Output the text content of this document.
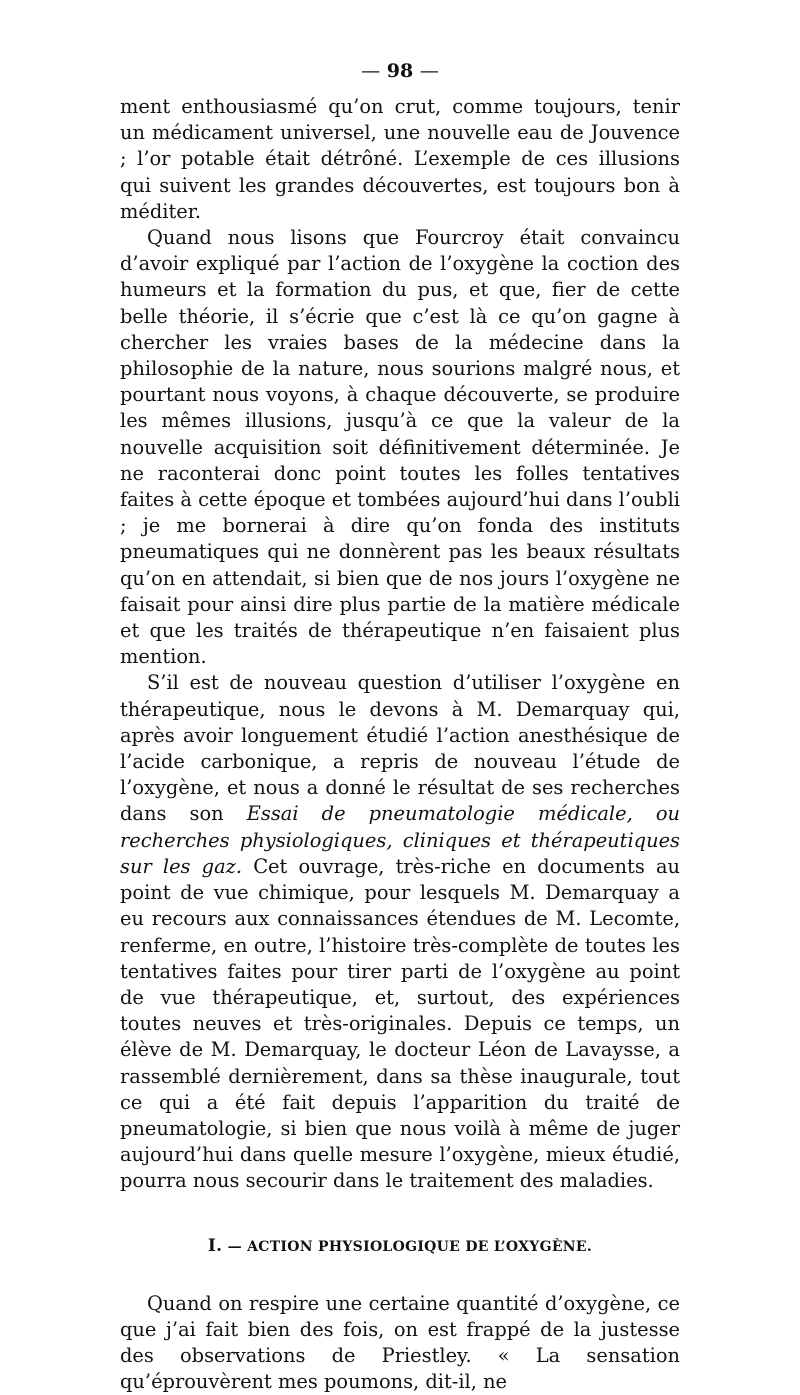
— 98 —

ment enthousiasmé qu’on crut, comme toujours, tenir un médicament universel, une nouvelle eau de Jouvence ; l’or potable était détrôné. L’exemple de ces illusions qui suivent les grandes découvertes, est toujours bon à méditer.

Quand nous lisons que Fourcroy était convaincu d’avoir expliqué par l’action de l’oxygène la coction des humeurs et la formation du pus, et que, fier de cette belle théorie, il s’écrie que c’est là ce qu’on gagne à chercher les vraies bases de la médecine dans la philosophie de la nature, nous sourions malgré nous, et pourtant nous voyons, à chaque découverte, se produire les mêmes illusions, jusqu’à ce que la valeur de la nouvelle acquisition soit définitivement déterminée. Je ne raconterai donc point toutes les folles tentatives faites à cette époque et tombées aujourd’hui dans l’oubli ; je me bornerai à dire qu’on fonda des instituts pneumatiques qui ne donnèrent pas les beaux résultats qu’on en attendait, si bien que de nos jours l’oxygène ne faisait pour ainsi dire plus partie de la matière médicale et que les traités de thérapeutique n’en faisaient plus mention.

S’il est de nouveau question d’utiliser l’oxygène en thérapeutique, nous le devons à M. Demarquay qui, après avoir longuement étudié l’action anesthésique de l’acide carbonique, a repris de nouveau l’étude de l’oxygène, et nous a donné le résultat de ses recherches dans son Essai de pneumatologie médicale, ou recherches physiologiques, cliniques et thérapeutiques sur les gaz. Cet ouvrage, très-riche en documents au point de vue chimique, pour lesquels M. Demarquay a eu recours aux connaissances étendues de M. Lecomte, renferme, en outre, l’histoire très-complète de toutes les tentatives faites pour tirer parti de l’oxygène au point de vue thérapeutique, et, surtout, des expériences toutes neuves et très-originales. Depuis ce temps, un élève de M. Demarquay, le docteur Léon de Lavaysse, a rassemblé dernièrement, dans sa thèse inaugurale, tout ce qui a été fait depuis l’apparition du traité de pneumatologie, si bien que nous voilà à même de juger aujourd’hui dans quelle mesure l’oxygène, mieux étudié, pourra nous secourir dans le traitement des maladies.

I. — ACTION PHYSIOLOGIQUE DE L’OXYGÈNE.

Quand on respire une certaine quantité d’oxygène, ce que j’ai fait bien des fois, on est frappé de la justesse des observations de Priestley. « La sensation qu’éprouvèrent mes poumons, dit-il, ne
